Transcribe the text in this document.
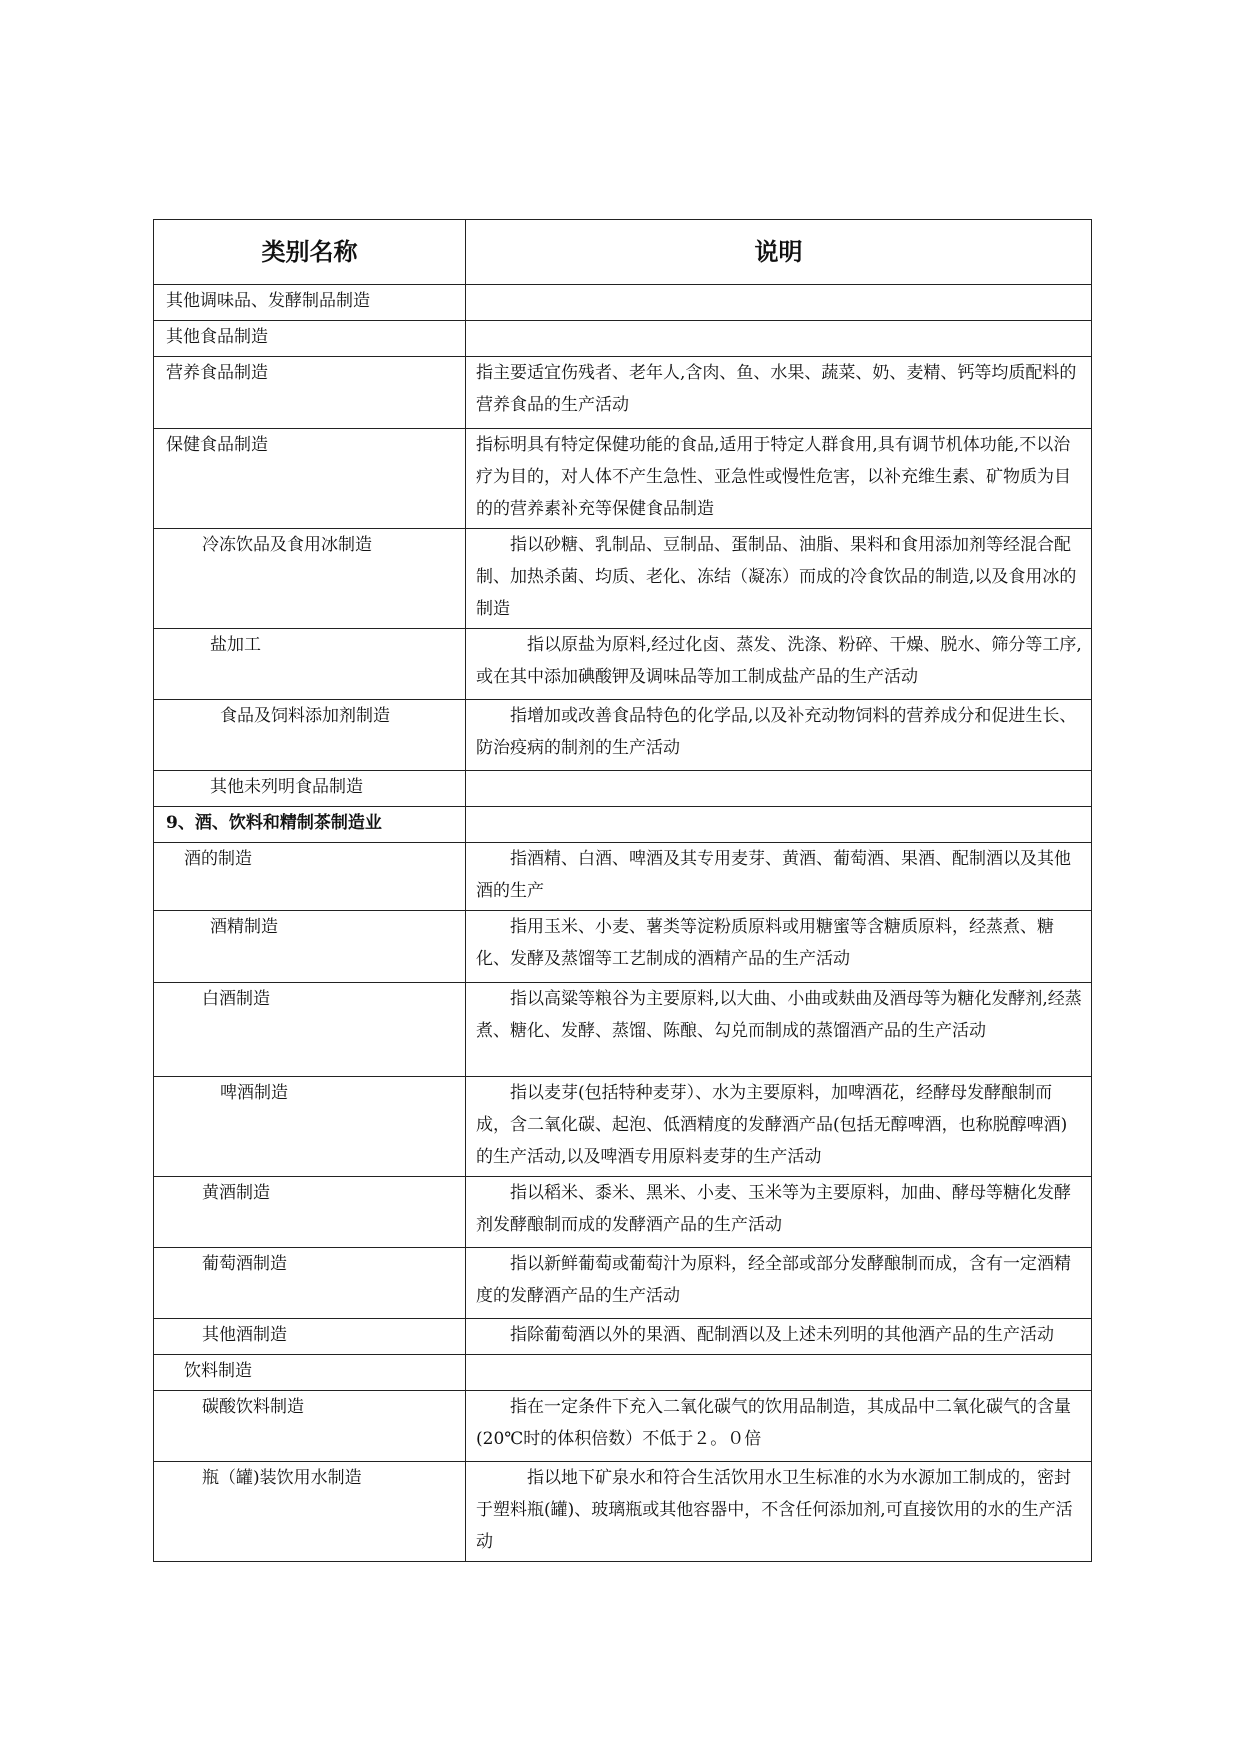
类别名称	说明
其他调味品、发酵制品制造	
其他食品制造	
营养食品制造	指主要适宜伤残者、老年人,含肉、鱼、水果、蔬菜、奶、麦精、钙等均质配料的营养食品的生产活动
保健食品制造	指标明具有特定保健功能的食品,适用于特定人群食用,具有调节机体功能,不以治疗为目的，对人体不产生急性、亚急性或慢性危害，以补充维生素、矿物质为目的的营养素补充等保健食品制造
冷冻饮品及食用冰制造	指以砂糖、乳制品、豆制品、蛋制品、油脂、果料和食用添加剂等经混合配制、加热杀菌、均质、老化、冻结（凝冻）而成的冷食饮品的制造,以及食用冰的制造
盐加工	指以原盐为原料,经过化卤、蒸发、洗涤、粉碎、干燥、脱水、筛分等工序,或在其中添加碘酸钾及调味品等加工制成盐产品的生产活动
食品及饲料添加剂制造	指增加或改善食品特色的化学品,以及补充动物饲料的营养成分和促进生长、防治疫病的制剂的生产活动
其他未列明食品制造	
9、酒、饮料和精制茶制造业	
酒的制造	指酒精、白酒、啤酒及其专用麦芽、黄酒、葡萄酒、果酒、配制酒以及其他酒的生产
酒精制造	指用玉米、小麦、薯类等淀粉质原料或用糖蜜等含糖质原料，经蒸煮、糖化、发酵及蒸馏等工艺制成的酒精产品的生产活动
白酒制造	指以高粱等粮谷为主要原料,以大曲、小曲或麸曲及酒母等为糖化发酵剂,经蒸煮、糖化、发酵、蒸馏、陈酿、勾兑而制成的蒸馏酒产品的生产活动
啤酒制造	指以麦芽(包括特种麦芽）、水为主要原料，加啤酒花，经酵母发酵酿制而成，含二氧化碳、起泡、低酒精度的发酵酒产品(包括无醇啤酒，也称脱醇啤酒)的生产活动,以及啤酒专用原料麦芽的生产活动
黄酒制造	指以稻米、黍米、黑米、小麦、玉米等为主要原料，加曲、酵母等糖化发酵剂发酵酿制而成的发酵酒产品的生产活动
葡萄酒制造	指以新鲜葡萄或葡萄汁为原料，经全部或部分发酵酿制而成，含有一定酒精度的发酵酒产品的生产活动
其他酒制造	指除葡萄酒以外的果酒、配制酒以及上述未列明的其他酒产品的生产活动
饮料制造	
碳酸饮料制造	指在一定条件下充入二氧化碳气的饮用品制造，其成品中二氧化碳气的含量(20℃时的体积倍数）不低于２。０倍
瓶（罐)装饮用水制造	指以地下矿泉水和符合生活饮用水卫生标准的水为水源加工制成的，密封于塑料瓶(罐)、玻璃瓶或其他容器中，不含任何添加剂,可直接饮用的水的生产活动
